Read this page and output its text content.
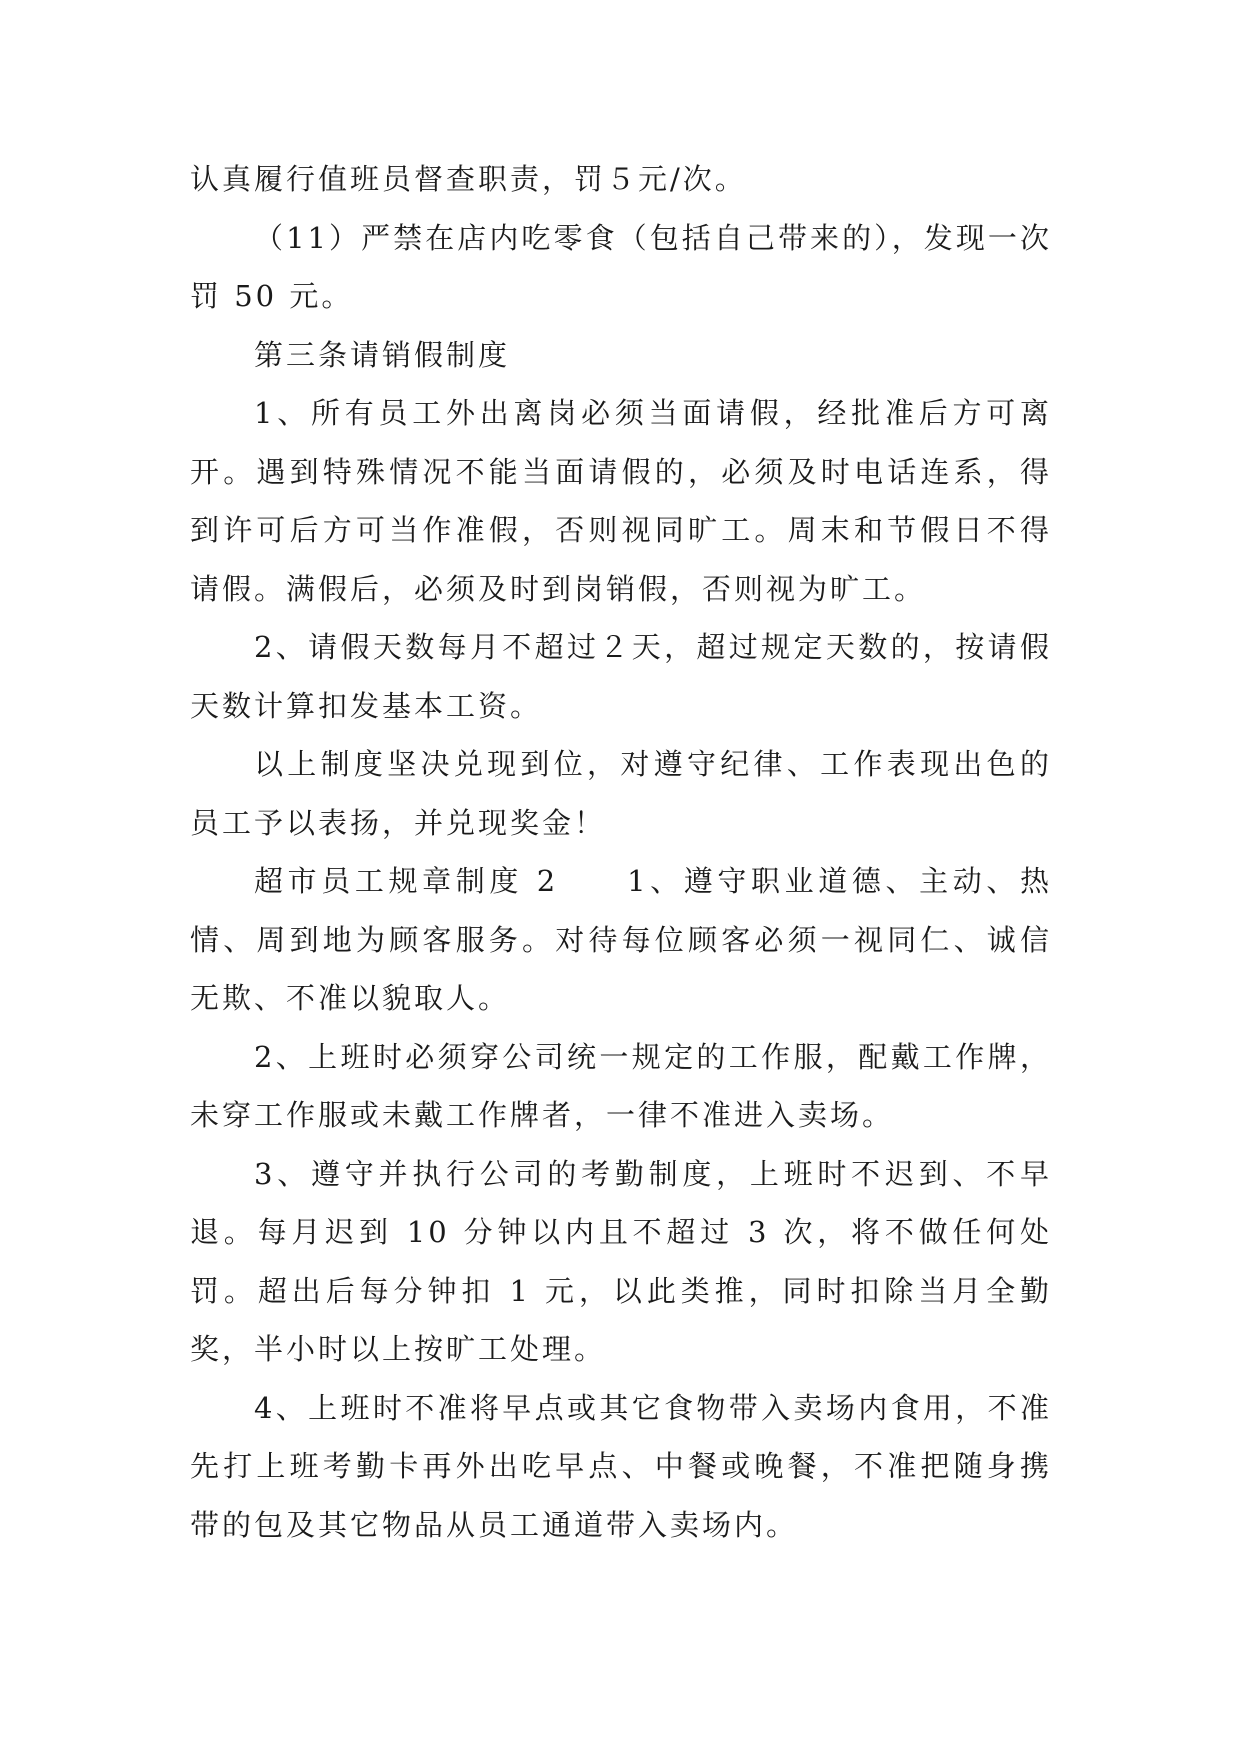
认真履行值班员督查职责，罚５元/次。

（11）严禁在店内吃零食（包括自己带来的），发现一次罚 50 元。

第三条请销假制度

1、所有员工外出离岗必须当面请假，经批准后方可离开。遇到特殊情况不能当面请假的，必须及时电话连系，得到许可后方可当作准假，否则视同旷工。周末和节假日不得请假。满假后，必须及时到岗销假，否则视为旷工。

2、请假天数每月不超过２天，超过规定天数的，按请假天数计算扣发基本工资。

以上制度坚决兑现到位，对遵守纪律、工作表现出色的员工予以表扬，并兑现奖金！

超市员工规章制度 2　　1、遵守职业道德、主动、热情、周到地为顾客服务。对待每位顾客必须一视同仁、诚信无欺、不准以貌取人。

2、上班时必须穿公司统一规定的工作服，配戴工作牌，未穿工作服或未戴工作牌者，一律不准进入卖场。

3、遵守并执行公司的考勤制度，上班时不迟到、不早退。每月迟到 10 分钟以内且不超过 3 次，将不做任何处罚。超出后每分钟扣 1 元，以此类推，同时扣除当月全勤奖，半小时以上按旷工处理。

4、上班时不准将早点或其它食物带入卖场内食用，不准先打上班考勤卡再外出吃早点、中餐或晚餐，不准把随身携带的包及其它物品从员工通道带入卖场内。
